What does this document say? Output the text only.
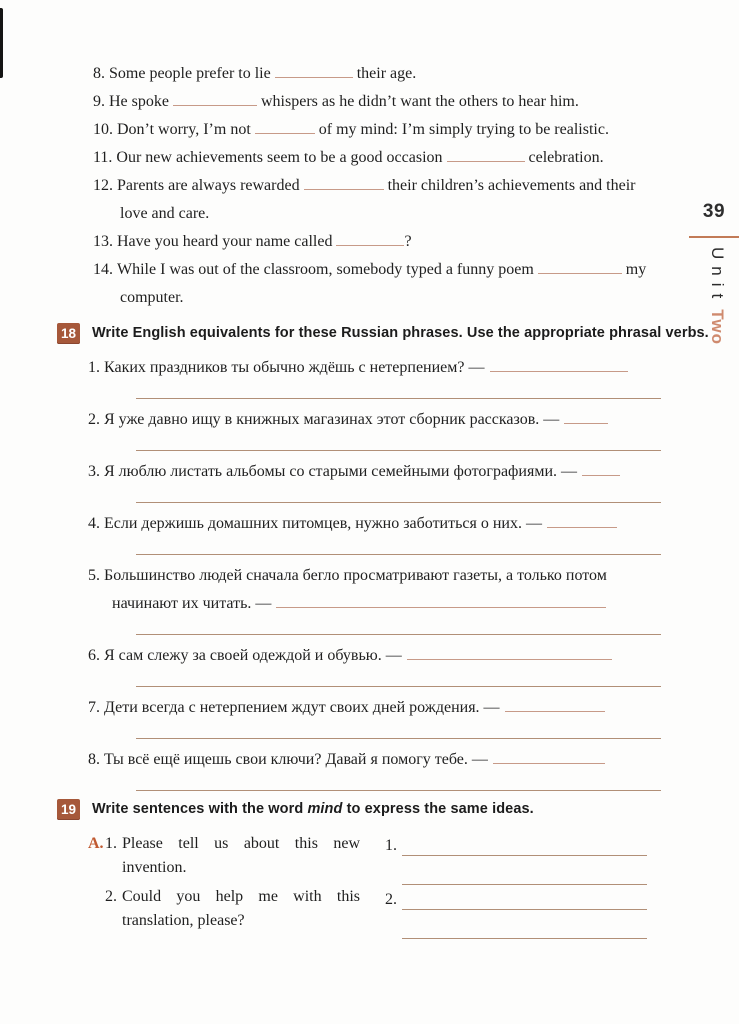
39
UnitTwo
8. Some people prefer to lie	their age.
9. He spoke	whispers as he didn’t want the others to hear him.
10. Don’t worry, I’m not	of my mind: I’m simply trying to be realistic.
11. Our new achievements seem to be a good occasion	celebration.
12. Parents are always rewarded	their children’s achievements and their love and care.
13. Have you heard your name called	?
14. While I was out of the classroom, somebody typed a funny poem	my computer.
18 Write English equivalents for these Russian phrases. Use the appropriate phrasal verbs.
1. Каких праздников ты обычно ждёшь с нетерпением? —
2. Я уже давно ищу в книжных магазинах этот сборник рассказов. —
3. Я люблю листать альбомы со старыми семейными фотографиями. —
4. Если держишь домашних питомцев, нужно заботиться о них. —
5. Большинство людей сначала бегло просматривают газеты, а только потом начинают их читать. —
6. Я сам слежу за своей одеждой и обувью. —
7. Дети всегда с нетерпением ждут своих дней рождения. —
8. Ты всё ещё ищешь свои ключи? Давай я помогу тебе. —
19 Write sentences with the word mind to express the same ideas.
A. 1. Please tell us about this new invention.
2. Could you help me with this translation, please?
1.
2.
